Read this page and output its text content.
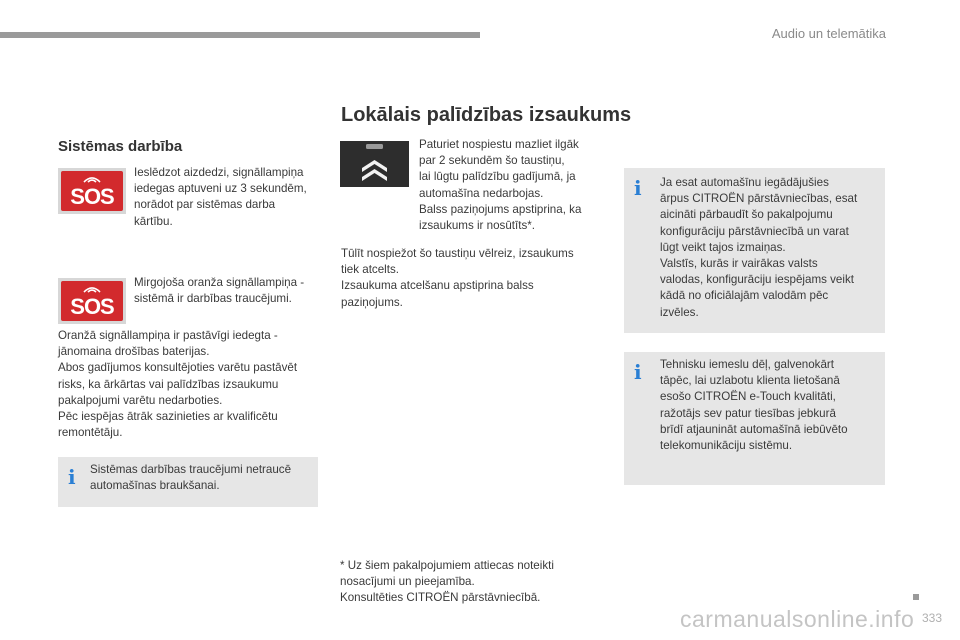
Audio un telemātika
Lokālais palīdzības izsaukums
Sistēmas darbība
SOS

Ieslēdzot aizdedzi, signāllampiņa
iedegas aptuveni uz 3 sekundēm,
norādot par sistēmas darba
kārtību.

SOS

Mirgojoša oranža signāllampiņa -
sistēmā ir darbības traucējumi.

Oranžā signāllampiņa ir pastāvīgi iedegta -
jānomaina drošības baterijas.
Abos gadījumos konsultējoties varētu pastāvēt
risks, ka ārkārtas vai palīdzības izsaukumu
pakalpojumi varētu nedarboties.
Pēc iespējas ātrāk sazinieties ar kvalificētu
remontētāju.

i Sistēmas darbības traucējumi netraucē
automašīnas braukšanai.

Paturiet nospiestu mazliet ilgāk
par 2 sekundēm šo taustiņu,
lai lūgtu palīdzību gadījumā, ja
automašīna nedarbojas.
Balss paziņojums apstiprina, ka
izsaukums ir nosūtīts*.

Tūlīt nospiežot šo taustiņu vēlreiz, izsaukums
tiek atcelts.
Izsaukuma atcelšanu apstiprina balss
paziņojums.

* Uz šiem pakalpojumiem attiecas noteikti
nosacījumi un pieejamība.
Konsultēties CITROËN pārstāvniecībā.

i Ja esat automašīnu iegādājušies
ārpus CITROËN pārstāvniecības, esat
aicināti pārbaudīt šo pakalpojumu
konfigurāciju pārstāvniecībā un varat
lūgt veikt tajos izmaiņas.
Valstīs, kurās ir vairākas valsts
valodas, konfigurāciju iespējams veikt
kādā no oficiālajām valodām pēc
izvēles.

i Tehnisku iemeslu dēļ, galvenokārt
tāpēc, lai uzlabotu klienta lietošanā
esošo CITROËN e-Touch kvalitāti,
ražotājs sev patur tiesības jebkurā
brīdī atjaunināt automašīnā iebūvēto
telekomunikāciju sistēmu.

carmanualsonline.info 333
